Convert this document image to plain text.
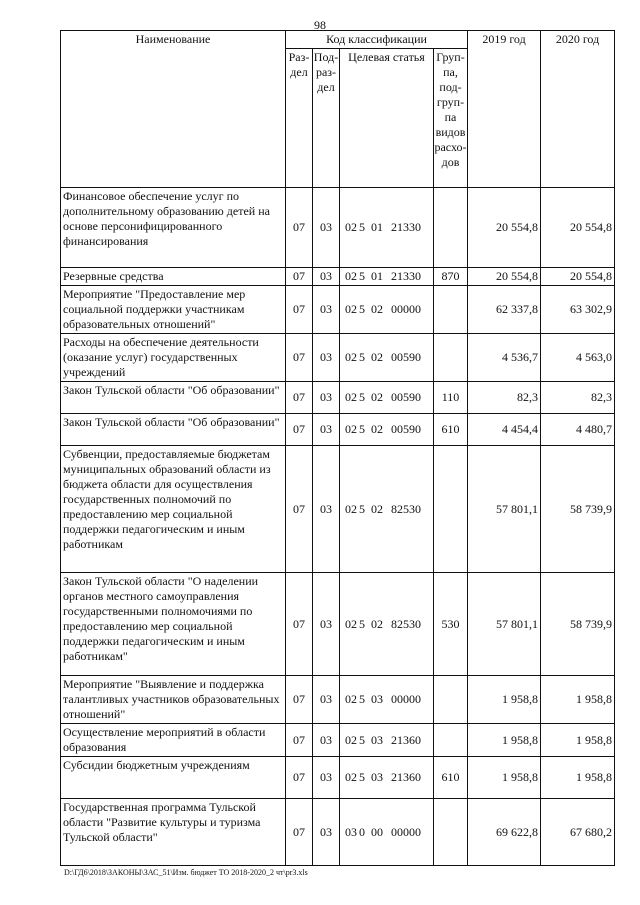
98
Наименование	Код классификации				2019 год	2020 год
	Раз-дел	Под-раз-дел	Целевая статья	Груп-па, под-груп-па видов расхо-дов		
Финансовое обеспечение услуг по дополнительному образованию детей на основе персонифицированного финансирования	07	03	02 5 01 21330		20 554,8	20 554,8
Резервные средства	07	03	02 5 01 21330	870	20 554,8	20 554,8
Мероприятие "Предоставление мер социальной поддержки участникам образовательных отношений"	07	03	02 5 02 00000		62 337,8	63 302,9
Расходы на обеспечение деятельности (оказание услуг) государственных учреждений	07	03	02 5 02 00590		4 536,7	4 563,0
Закон Тульской области "Об образовании"	07	03	02 5 02 00590	110	82,3	82,3
Закон Тульской области "Об образовании"	07	03	02 5 02 00590	610	4 454,4	4 480,7
Субвенции, предоставляемые бюджетам муниципальных образований области из бюджета области для осуществления государственных полномочий по предоставлению мер социальной поддержки педагогическим и иным работникам	07	03	02 5 02 82530		57 801,1	58 739,9
Закон Тульской области "О наделении органов местного самоуправления государственными полномочиями по предоставлению мер социальной поддержки педагогическим и иным работникам"	07	03	02 5 02 82530	530	57 801,1	58 739,9
Мероприятие "Выявление и поддержка талантливых участников образовательных отношений"	07	03	02 5 03 00000		1 958,8	1 958,8
Осуществление мероприятий в области образования	07	03	02 5 03 21360		1 958,8	1 958,8
Субсидии бюджетным учреждениям	07	03	02 5 03 21360	610	1 958,8	1 958,8
Государственная программа Тульской области "Развитие культуры и туризма Тульской области"	07	03	03 0 00 00000		69 622,8	67 680,2
D:\ГД6\2018\ЗАКОНЫ\ЗАС_51\Изм. бюджет ТО 2018-2020_2 чт\pr3.xls
